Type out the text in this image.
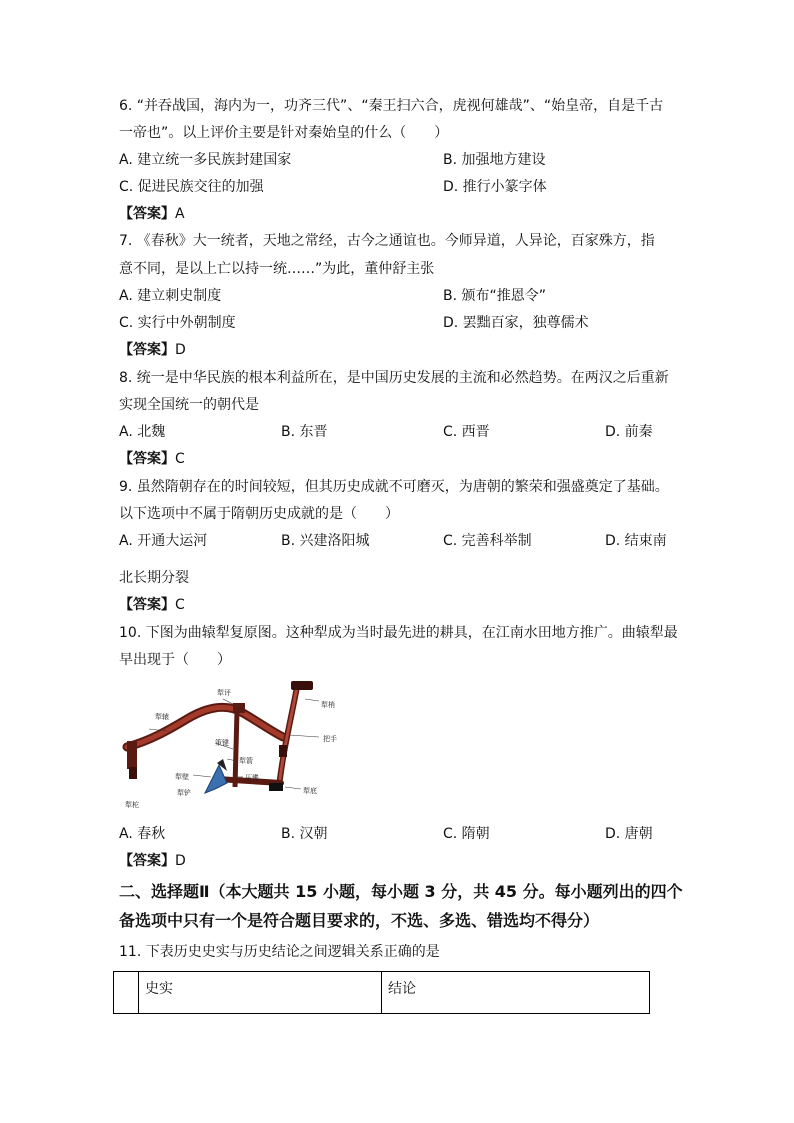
6. “并吞战国，海内为一，功齐三代”、“秦王扫六合，虎视何雄哉”、“始皇帝，自是千古
一帝也”。以上评价主要是针对秦始皇的什么（　　）
A. 建立统一多民族封建国家	B. 加强地方建设
C. 促进民族交往的加强	D. 推行小篆字体
【答案】A
7. 《春秋》大一统者，天地之常经，古今之通谊也。今师异道，人异论，百家殊方，指
意不同，是以上亡以持一统……”为此，董仲舒主张
A. 建立刺史制度	B. 颁布“推恩令”
C. 实行中外朝制度	D. 罢黜百家，独尊儒术
【答案】D
8. 统一是中华民族的根本利益所在，是中国历史发展的主流和必然趋势。在两汉之后重新
实现全国统一的朝代是
A. 北魏	B. 东晋	C. 西晋	D. 前秦
【答案】C
9. 虽然隋朝存在的时间较短，但其历史成就不可磨灭，为唐朝的繁荣和强盛奠定了基础。
以下选项中不属于隋朝历史成就的是（　　）
A. 开通大运河	B. 兴建洛阳城	C. 完善科举制	D. 结束南
北长期分裂
【答案】C
10. 下图为曲辕犁复原图。这种犁成为当时最先进的耕具，在江南水田地方推广。曲辕犁最
早出现于（　　）
犁评
犁辕
犁梢
把手
策键
犁箭
犁壁	压镵
犁铲	犁底
犁柁
A. 春秋	B. 汉朝	C. 隋朝	D. 唐朝
【答案】D
二、选择题Ⅱ（本大题共 15 小题，每小题 3 分，共 45 分。每小题列出的四个
备选项中只有一个是符合题目要求的，不选、多选、错选均不得分）
11. 下表历史史实与历史结论之间逻辑关系正确的是
	史实	结论
